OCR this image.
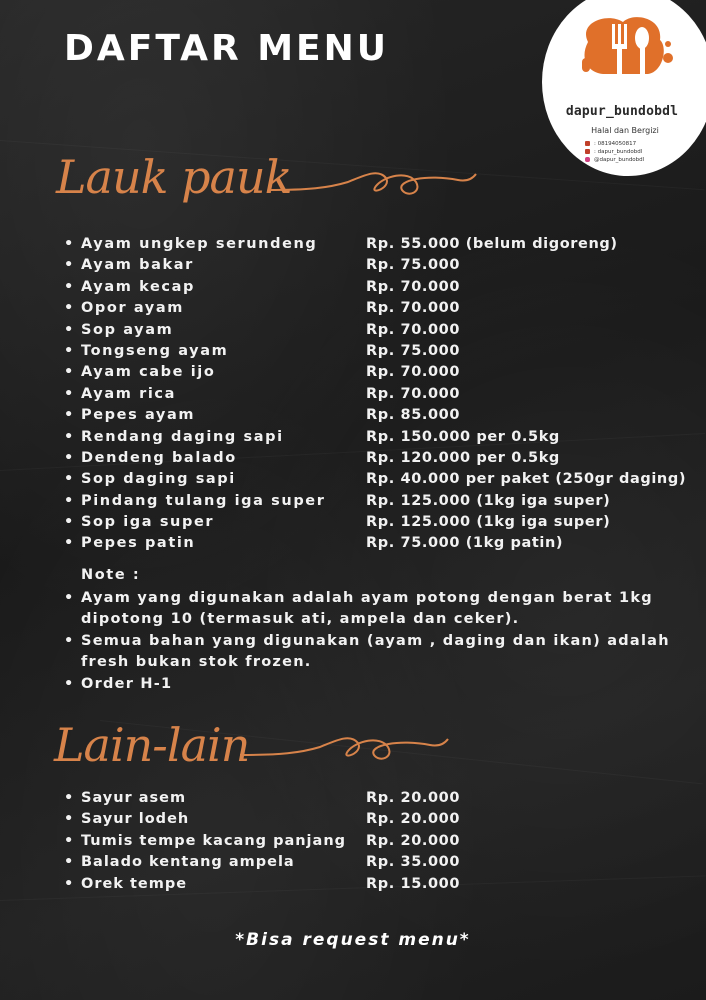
DAFTAR MENU
dapur_bundobdl
Halal dan Bergizi
: 08194050817
: dapur_bundobdl
@dapur_bundobdl
Lauk pauk
• Ayam ungkep serundeng	Rp. 55.000 (belum digoreng)
• Ayam bakar	Rp. 75.000
• Ayam kecap	Rp. 70.000
• Opor ayam	Rp. 70.000
• Sop ayam	Rp. 70.000
• Tongseng ayam	Rp. 75.000
• Ayam cabe ijo	Rp. 70.000
• Ayam rica	Rp. 70.000
• Pepes ayam	Rp. 85.000
• Rendang daging sapi	Rp. 150.000 per 0.5kg
• Dendeng balado	Rp. 120.000 per 0.5kg
• Sop daging sapi	Rp. 40.000 per paket (250gr daging)
• Pindang tulang iga super	Rp. 125.000 (1kg iga super)
• Sop iga super	Rp. 125.000 (1kg iga super)
• Pepes patin	Rp. 75.000 (1kg patin)
Note :
• Ayam yang digunakan adalah ayam potong dengan berat 1kg dipotong 10 (termasuk ati, ampela dan ceker).
• Semua bahan yang digunakan (ayam , daging dan ikan) adalah fresh bukan stok frozen.
• Order H-1
Lain-lain
• Sayur asem	Rp. 20.000
• Sayur lodeh	Rp. 20.000
• Tumis tempe kacang panjang Rp. 20.000
• Balado kentang ampela	Rp. 35.000
• Orek tempe	Rp. 15.000
*Bisa request menu*
